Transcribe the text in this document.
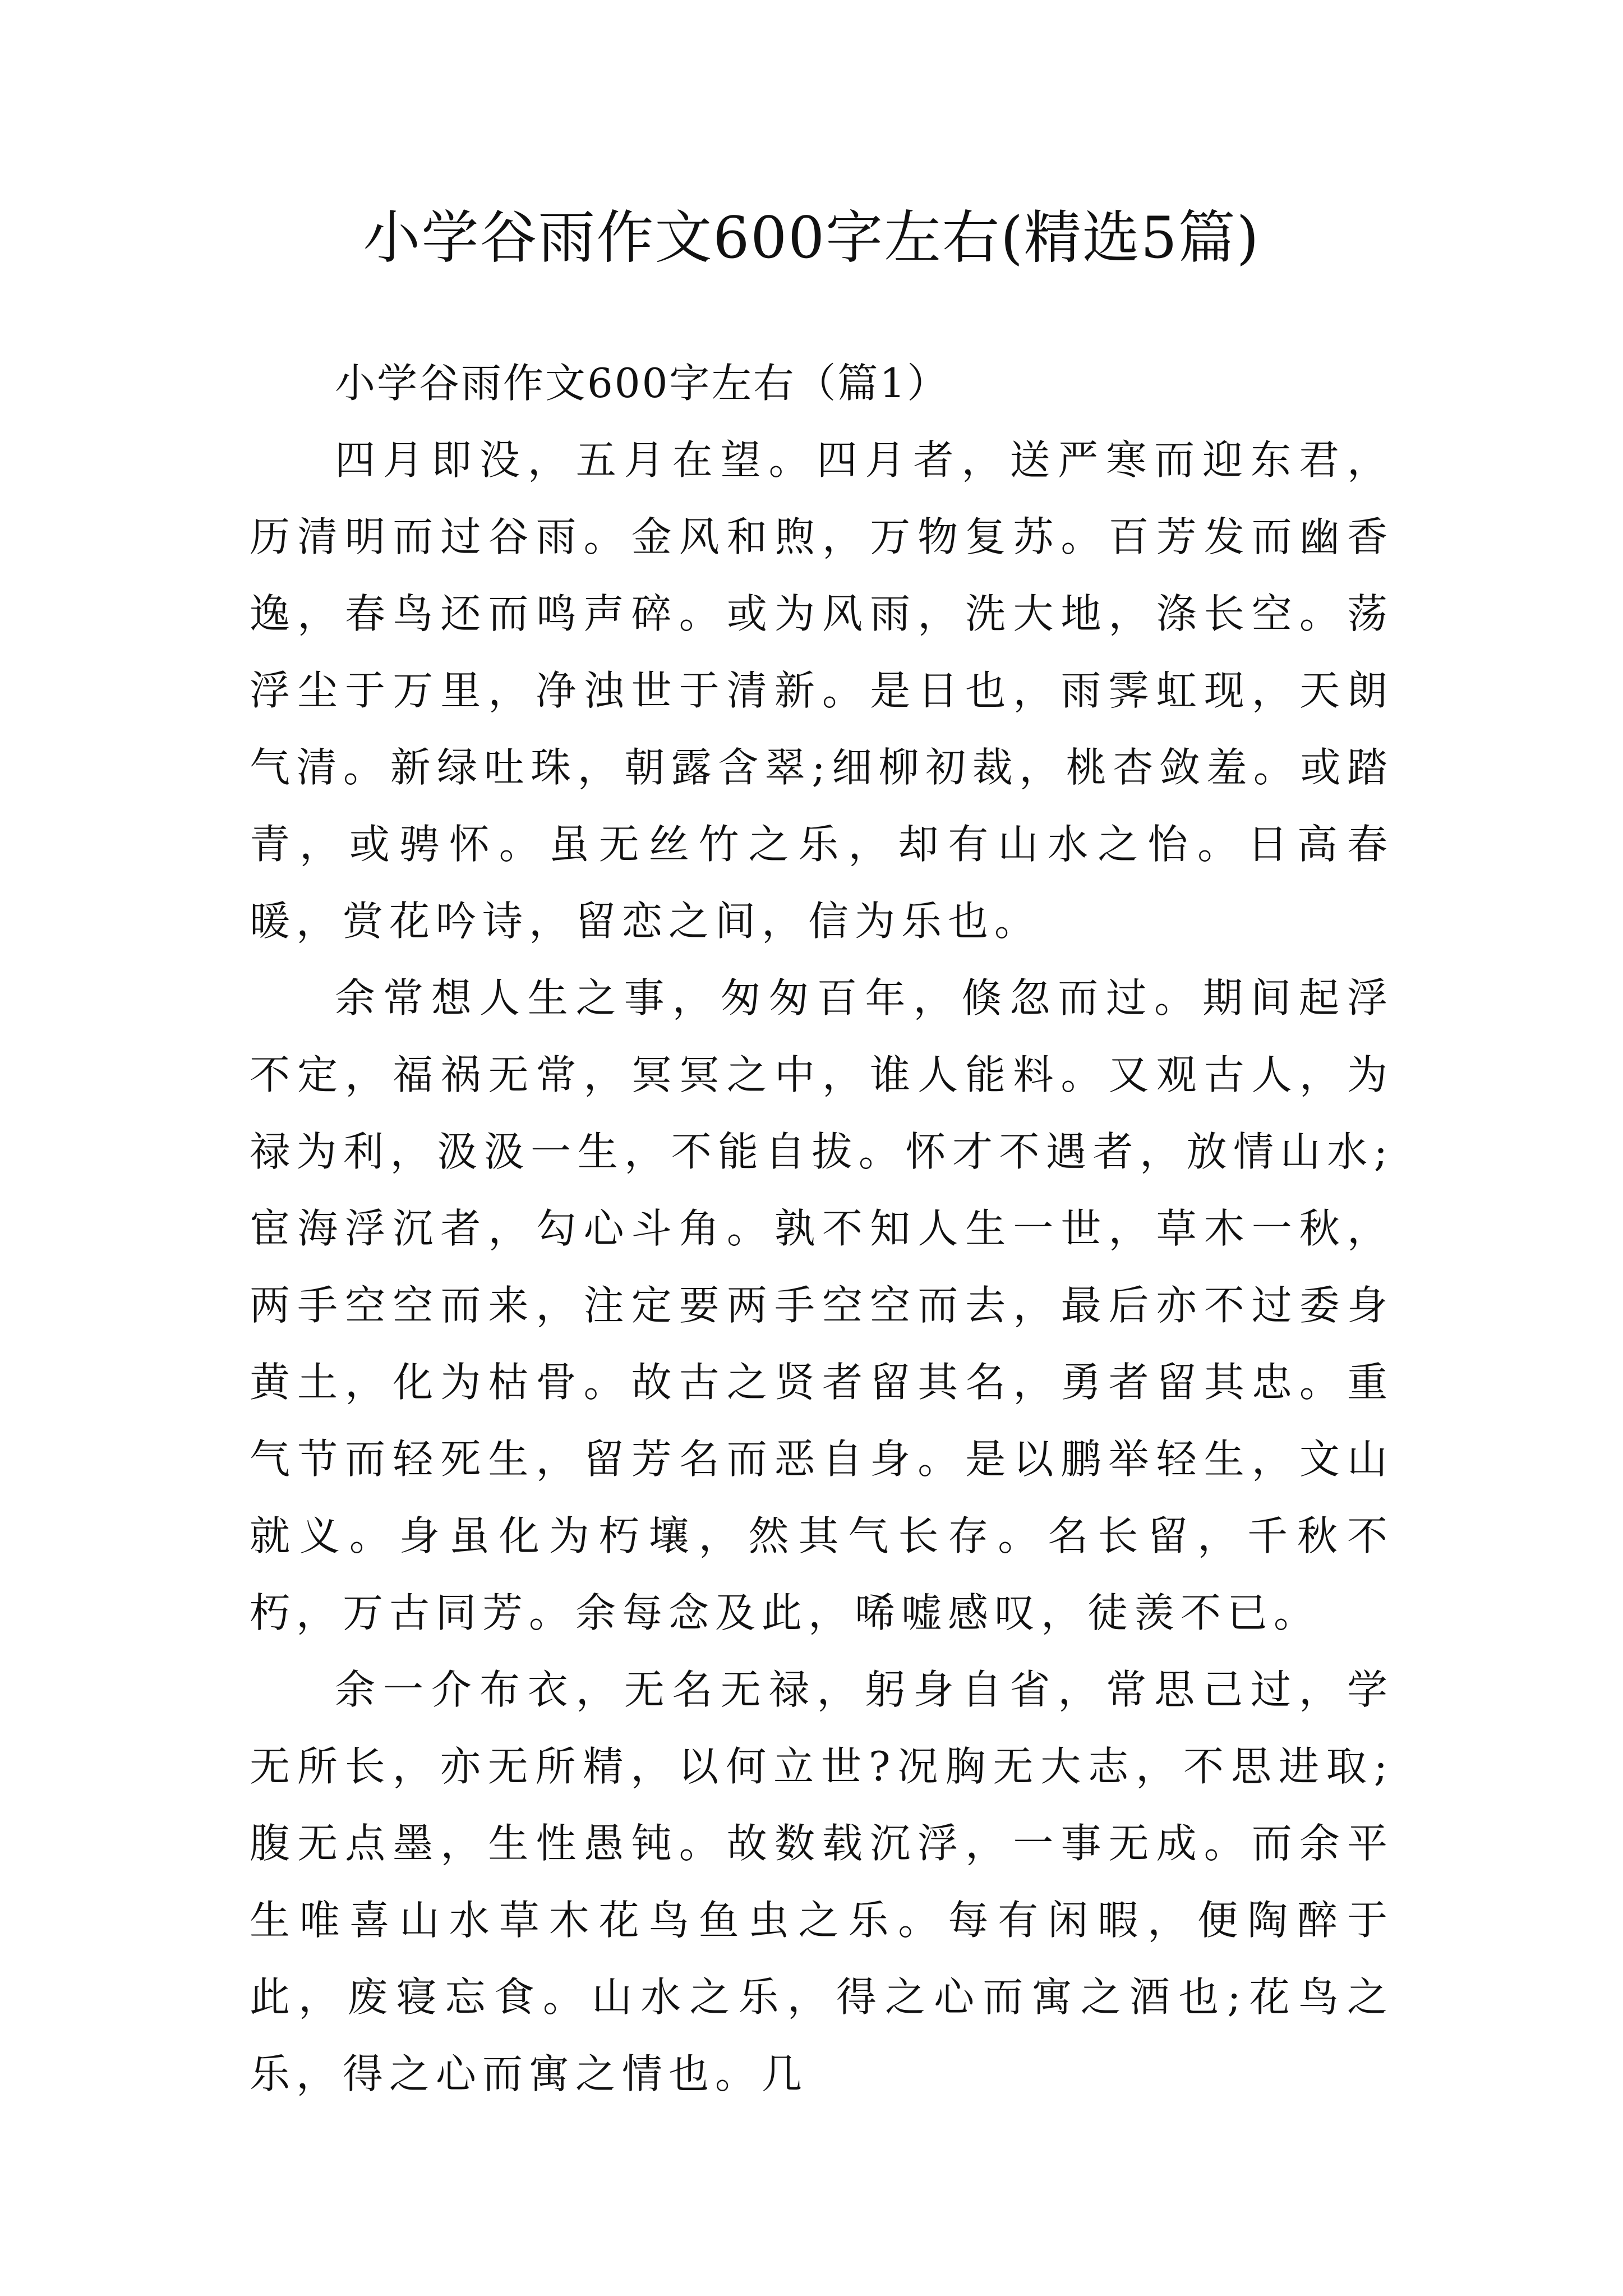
小学谷雨作文600字左右(精选5篇)

小学谷雨作文600字左右（篇1）

四月即没，五月在望。四月者，送严寒而迎东君，历清明而过谷雨。金风和煦，万物复苏。百芳发而幽香逸，春鸟还而鸣声碎。或为风雨，洗大地，涤长空。荡浮尘于万里，净浊世于清新。是日也，雨霁虹现，天朗气清。新绿吐珠，朝露含翠;细柳初裁，桃杏敛羞。或踏青，或骋怀。虽无丝竹之乐，却有山水之怡。日高春暖，赏花吟诗，留恋之间，信为乐也。

余常想人生之事，匆匆百年，倏忽而过。期间起浮不定，福祸无常，冥冥之中，谁人能料。又观古人，为禄为利，汲汲一生，不能自拔。怀才不遇者，放情山水;宦海浮沉者，勾心斗角。孰不知人生一世，草木一秋，两手空空而来，注定要两手空空而去，最后亦不过委身黄土，化为枯骨。故古之贤者留其名，勇者留其忠。重气节而轻死生，留芳名而恶自身。是以鹏举轻生，文山就义。身虽化为朽壤，然其气长存。名长留，千秋不朽，万古同芳。余每念及此，唏嘘感叹，徒羡不已。

余一介布衣，无名无禄，躬身自省，常思己过，学无所长，亦无所精，以何立世?况胸无大志，不思进取;腹无点墨，生性愚钝。故数载沉浮，一事无成。而余平生唯喜山水草木花鸟鱼虫之乐。每有闲暇，便陶醉于此，废寝忘食。山水之乐，得之心而寓之酒也;花鸟之乐，得之心而寓之情也。几
